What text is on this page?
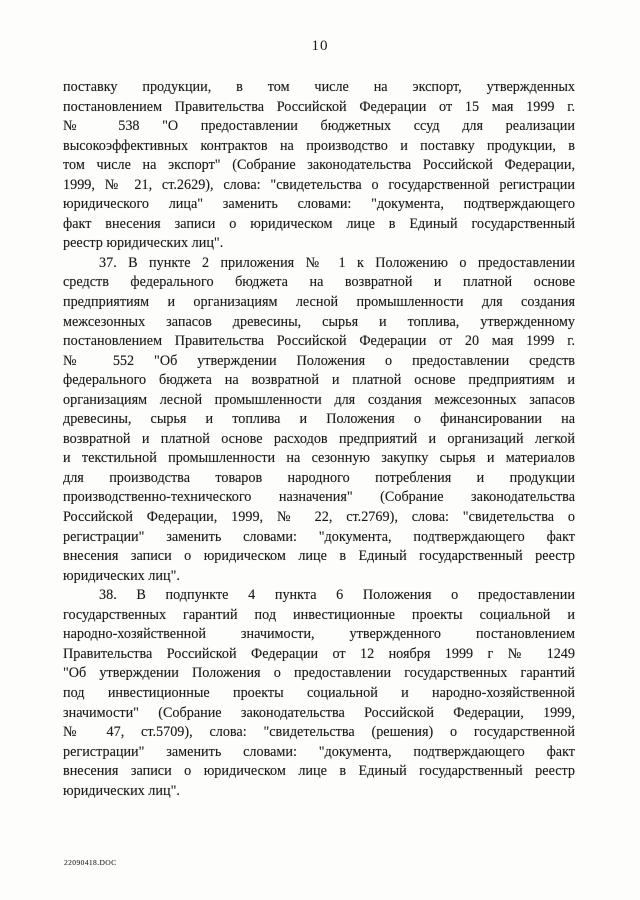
10

поставку продукции, в том числе на экспорт, утвержденных
постановлением Правительства Российской Федерации от 15 мая 1999 г.
№ 538 "О предоставлении бюджетных ссуд для реализации
высокоэффективных контрактов на производство и поставку продукции, в
том числе на экспорт" (Собрание законодательства Российской Федерации,
1999, № 21, ст.2629), слова: "свидетельства о государственной регистрации
юридического лица" заменить словами: "документа, подтверждающего
факт внесения записи о юридическом лице в Единый государственный
реестр юридических лиц".

37. В пункте 2 приложения № 1 к Положению о предоставлении
средств федерального бюджета на возвратной и платной основе
предприятиям и организациям лесной промышленности для создания
межсезонных запасов древесины, сырья и топлива, утвержденному
постановлением Правительства Российской Федерации от 20 мая 1999 г.
№ 552 "Об утверждении Положения о предоставлении средств
федерального бюджета на возвратной и платной основе предприятиям и
организациям лесной промышленности для создания межсезонных запасов
древесины, сырья и топлива и Положения о финансировании на
возвратной и платной основе расходов предприятий и организаций легкой
и текстильной промышленности на сезонную закупку сырья и материалов
для производства товаров народного потребления и продукции
производственно-технического назначения" (Собрание законодательства
Российской Федерации, 1999, № 22, ст.2769), слова: "свидетельства о
регистрации" заменить словами: "документа, подтверждающего факт
внесения записи о юридическом лице в Единый государственный реестр
юридических лиц".

38. В подпункте 4 пункта 6 Положения о предоставлении
государственных гарантий под инвестиционные проекты социальной и
народно-хозяйственной значимости, утвержденного постановлением
Правительства Российской Федерации от 12 ноября 1999 г № 1249
"Об утверждении Положения о предоставлении государственных гарантий
под инвестиционные проекты социальной и народно-хозяйственной
значимости" (Собрание законодательства Российской Федерации, 1999,
№ 47, ст.5709), слова: "свидетельства (решения) о государственной
регистрации" заменить словами: "документа, подтверждающего факт
внесения записи о юридическом лице в Единый государственный реестр
юридических лиц".

22090418.DOC
